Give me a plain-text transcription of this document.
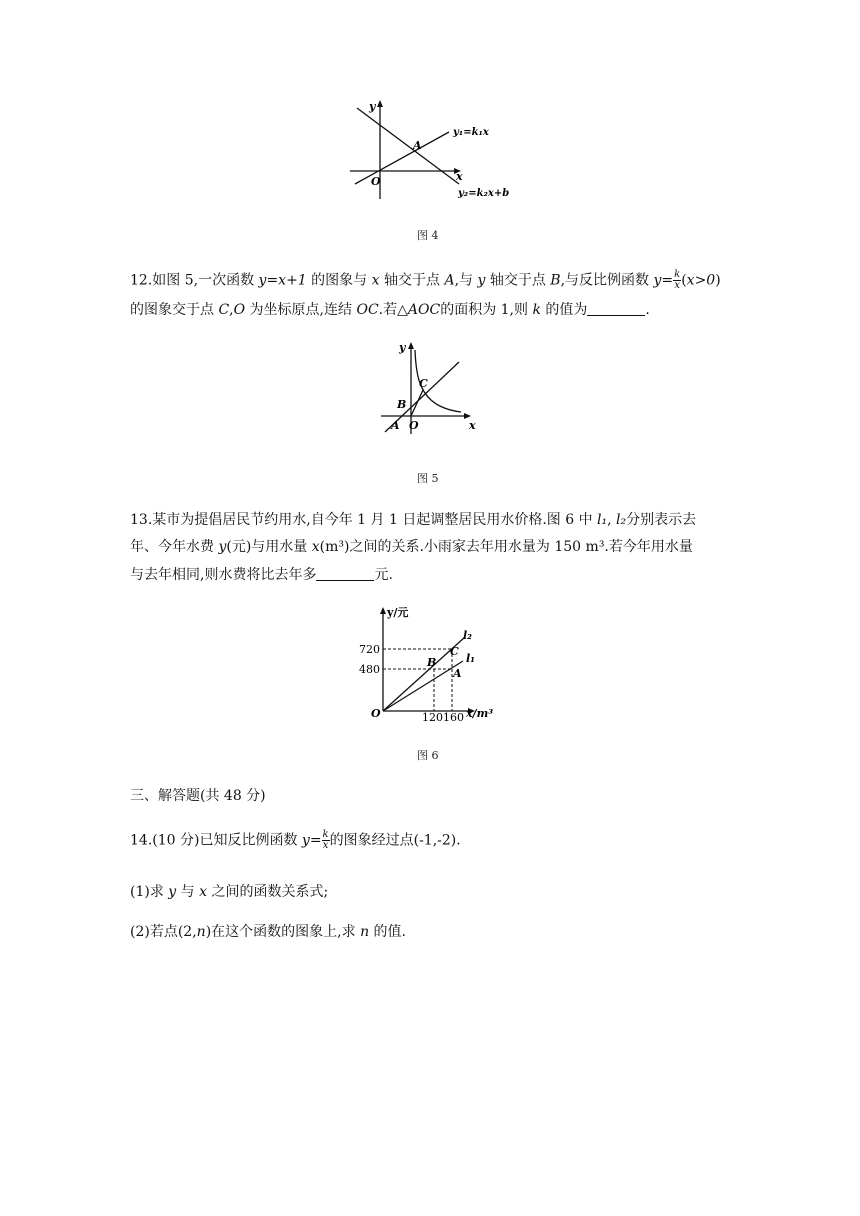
y
x
O
A
y₁=k₁x
y₂=k₂x+b
图 4
12.如图 5,一次函数 y=x+1 的图象与 x 轴交于点 A,与 y 轴交于点 B,与反比例函数 $y= \frac{k}{x} (x>0)$
的图象交于点 C,O 为坐标原点,连结 OC.若△AOC的面积为 1,则 k 的值为	.
y
x
C
B
A O
图 5
13.某市为提倡居民节约用水,自今年 1 月 1 日起调整居民用水价格.图 6 中 l₁, l₂分别表示去
年、今年水费 y(元)与用水量 x(m³)之间的关系.小雨家去年用水量为 150 m³.若今年用水量
与去年相同,则水费将比去年多	元.
y/元
720
480
O	120 160 x/m³
B
C
A
l₂
l₁
图 6
三、解答题(共 48 分)
14.(10 分)已知反比例函数 $y= \frac{k}{x}$ 的图象经过点(-1,-2).
(1)求 y 与 x 之间的函数关系式;
(2)若点(2,n)在这个函数的图象上,求 n 的值.
